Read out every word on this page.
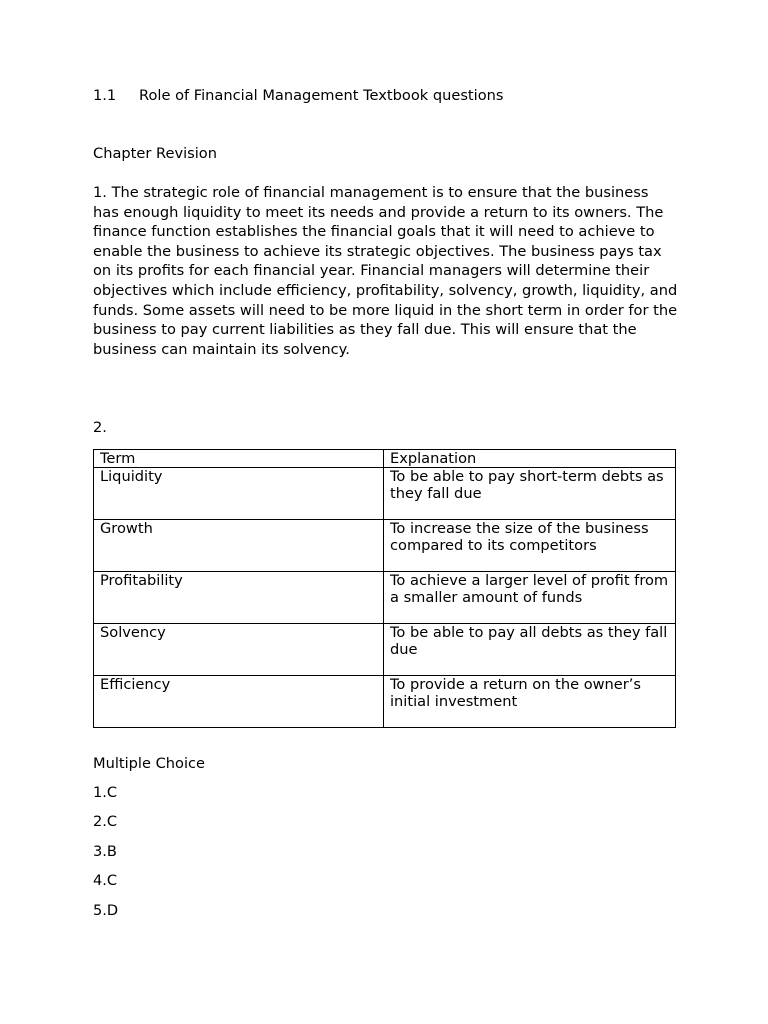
1.1 Role of Financial Management Textbook questions
Chapter Revision
1. The strategic role of financial management is to ensure that the business has enough liquidity to meet its needs and provide a return to its owners. The finance function establishes the financial goals that it will need to achieve to enable the business to achieve its strategic objectives. The business pays tax on its profits for each financial year. Financial managers will determine their objectives which include efficiency, profitability, solvency, growth, liquidity, and funds. Some assets will need to be more liquid in the short term in order for the business to pay current liabilities as they fall due. This will ensure that the business can maintain its solvency.
2.
Term	Explanation
Liquidity	To be able to pay short-term debts as they fall due
Growth	To increase the size of the business compared to its competitors
Profitability	To achieve a larger level of profit from a smaller amount of funds
Solvency	To be able to pay all debts as they fall due
Efficiency	To provide a return on the owner’s initial investment
Multiple Choice
1.C
2.C
3.B
4.C
5.D
